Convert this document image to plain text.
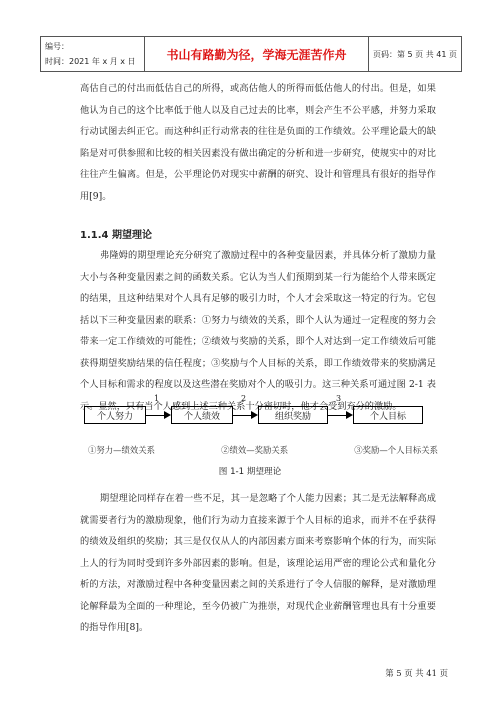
编号：
时间：2021 年 x 月 x 日	书山有路勤为径，学海无涯苦作舟	页码：第 5 页 共 41 页

高估自己的付出而低估自己的所得，或高估他人的所得而低估他人的付出。但是，如果他认为自己的这个比率低于他人以及自己过去的比率，则会产生不公平感，并努力采取行动试图去纠正它。而这种纠正行动常表的往往是负面的工作绩效。公平理论最大的缺陷是对可供参照和比较的相关因素没有做出确定的分析和进一步研究，使规实中的对比往往产生偏离。但是，公平理论仍对现实中薪酬的研究、设计和管理具有很好的指导作用[9]。

1.1.4 期望理论

弗隆姆的期望理论充分研究了激励过程中的各种变量因素，并具体分析了激励力量大小与各种变量因素之间的函数关系。它认为当人们预期到某一行为能给个人带来既定的结果，且这种结果对个人具有足够的吸引力时，个人才会采取这一特定的行为。它包括以下三种变量因素的联系：①努力与绩效的关系，即个人认为通过一定程度的努力会带来一定工作绩效的可能性；②绩效与奖励的关系，即个人对达到一定工作绩效后可能获得期望奖励结果的信任程度；③奖励与个人目标的关系，即工作绩效带来的奖励满足个人目标和需求的程度以及这些潜在奖励对个人的吸引力。这三种关系可通过图 2-1 表示。显然，只有当个人感到上述三种关系十分密切时，他才会受到充分的激励。

个人努力
1
个人绩效
2
组织奖励
3
个人目标
①努力—绩效关系	②绩效—奖励关系	③奖励—个人目标关系
图 1-1 期望理论

期望理论同样存在着一些不足，其一是忽略了个人能力因素；其二是无法解释高成就需要者行为的激励现象，他们行为动力直接来源于个人目标的追求，而并不在乎获得的绩效及组织的奖励；其三是仅仅从人的内部因素方面来考察影响个体的行为，而实际上人的行为同时受到许多外部因素的影响。但是，该理论运用严密的理论公式和量化分析的方法，对激励过程中各种变量因素之间的关系进行了令人信服的解释，是对激励理论解释最为全面的一种理论，至今仍被广为推崇，对现代企业薪酬管理也具有十分重要的指导作用[8]。

第 5 页 共 41 页
